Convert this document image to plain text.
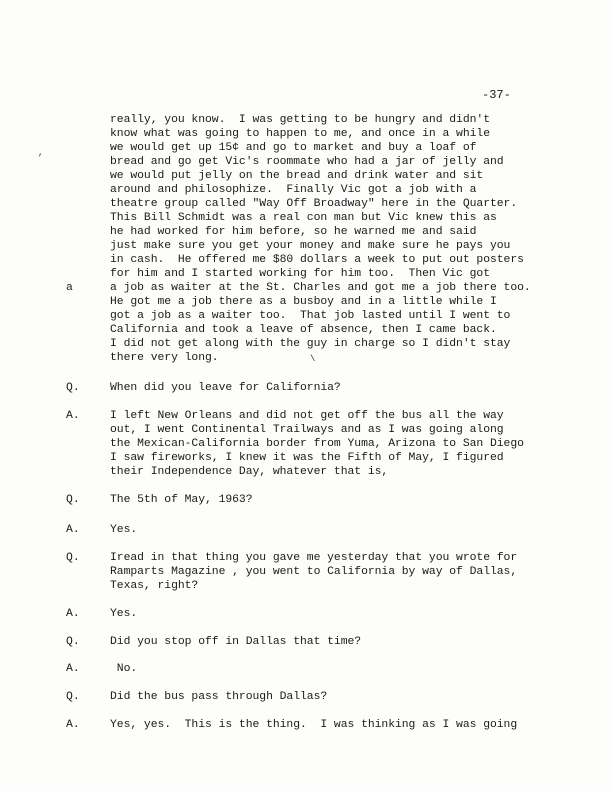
-37-
really, you know.  I was getting to be hungry and didn't
know what was going to happen to me, and once in a while
we would get up 15¢ and go to market and buy a loaf of
bread and go get Vic's roommate who had a jar of jelly and
we would put jelly on the bread and drink water and sit
around and philosophize.  Finally Vic got a job with a
theatre group called "Way Off Broadway" here in the Quarter.
This Bill Schmidt was a real con man but Vic knew this as
he had worked for him before, so he warned me and said
just make sure you get your money and make sure he pays you
in cash.  He offered me $80 dollars a week to put out posters
for him and I started working for him too.  Then Vic got
a job as waiter at the St. Charles and got me a job there too.
He got me a job there as a busboy and in a little while I
got a job as a waiter too.  That job lasted until I went to
California and took a leave of absence, then I came back.
I did not get along with the guy in charge so I didn't stay
there very long.
a
,
\
Q.	When did you leave for California?
A.	I left New Orleans and did not get off the bus all the way
out, I went Continental Trailways and as I was going along
the Mexican-California border from Yuma, Arizona to San Diego
I saw fireworks, I knew it was the Fifth of May, I figured
their Independence Day, whatever that is,
Q.	The 5th of May, 1963?
A.	Yes.
Q.	Iread in that thing you gave me yesterday that you wrote for
Ramparts Magazine , you went to California by way of Dallas,
Texas, right?
A.	Yes.
Q.	Did you stop off in Dallas that time?
A.	No.
Q.	Did the bus pass through Dallas?
A.	Yes, yes.  This is the thing.  I was thinking as I was going
